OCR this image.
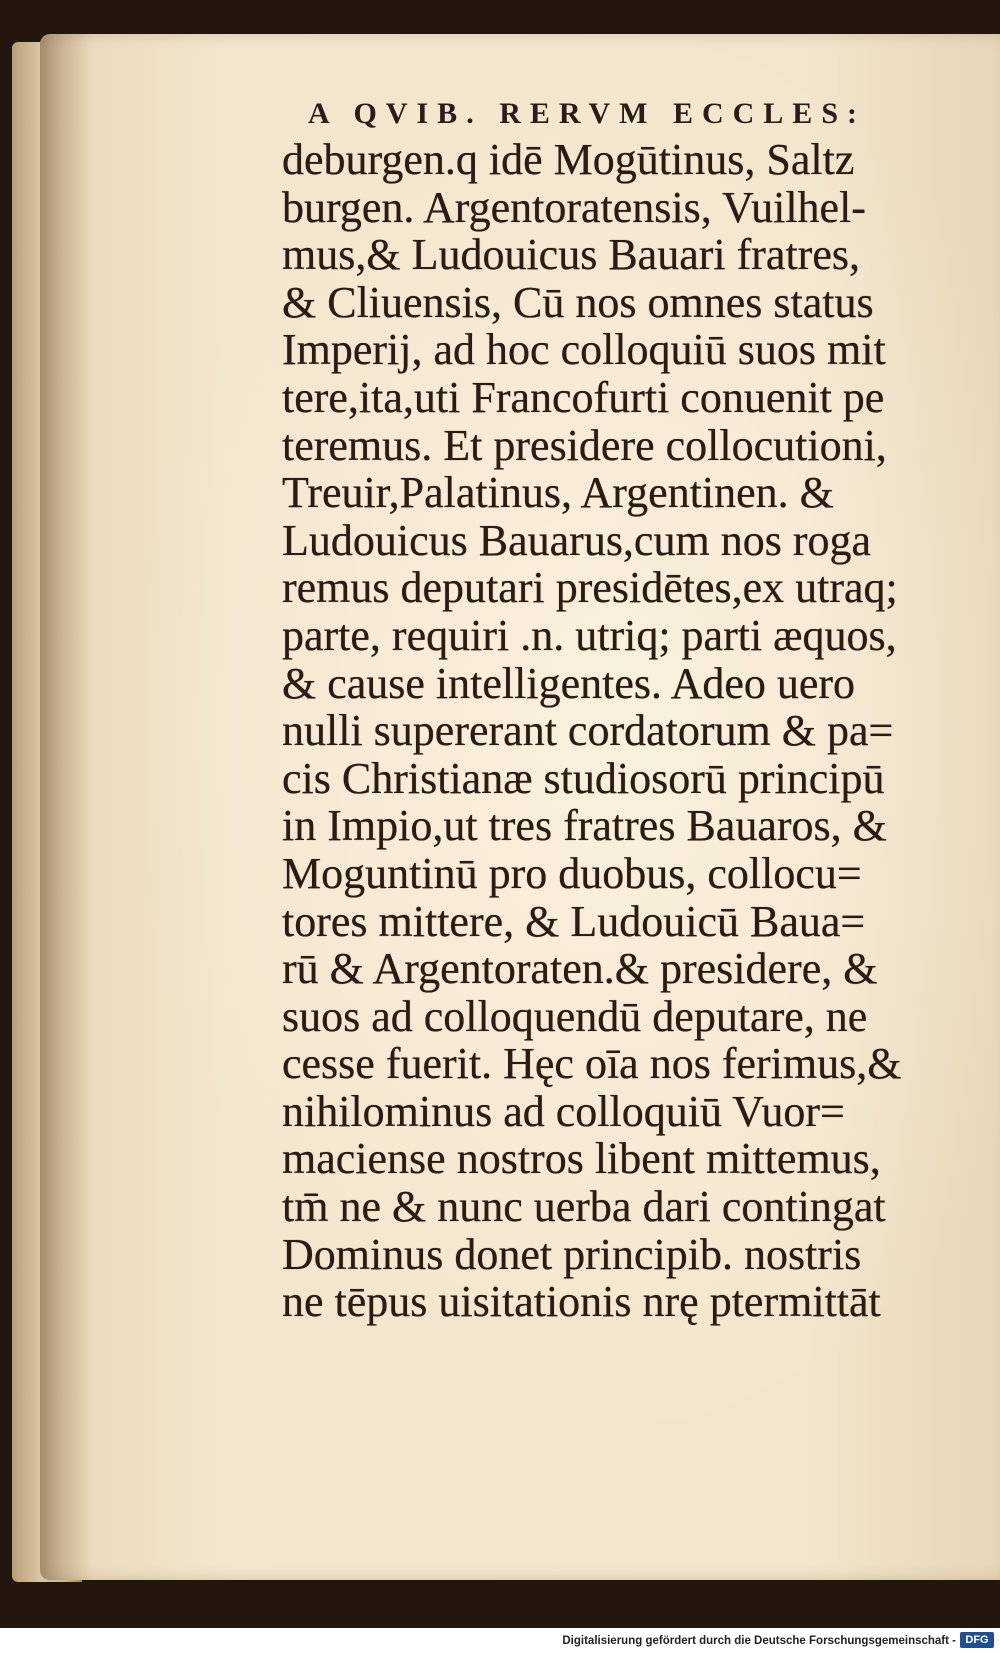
A QVIB. RERVM ECCLES:
deburgen.q idē Mogūtinus, Saltz
burgen. Argentoratensis, Vuilhel-
mus,& Ludouicus Bauari fratres,
& Cliuensis, Cū nos omnes status
Imperij, ad hoc colloquiū suos mit
tere,ita,uti Francofurti conuenit pe
teremus. Et presidere collocutioni,
Treuir,Palatinus, Argentinen. &
Ludouicus Bauarus,cum nos roga
remus deputari presidētes,ex utraq;
parte, requiri .n. utriq; parti æquos,
& cause intelligentes. Adeo uero
nulli supererant cordatorum & pa=
cis Christianæ studiosorū principū
in Impio,ut tres fratres Bauaros, &
Moguntinū pro duobus, collocu=
tores mittere, & Ludouicū Baua=
rū & Argentoraten.& presidere, &
suos ad colloquendū deputare, ne
cesse fuerit. Hęc oīa nos ferimus,&
nihilominus ad colloquiū Vuor=
maciense nostros libent mittemus,
tm̄ ne & nunc uerba dari contingat
Dominus donet principib. nostris
ne tēpus uisitationis nrę ptermittāt
Digitalisierung gefördert durch die Deutsche Forschungsgemeinschaft - DFG
